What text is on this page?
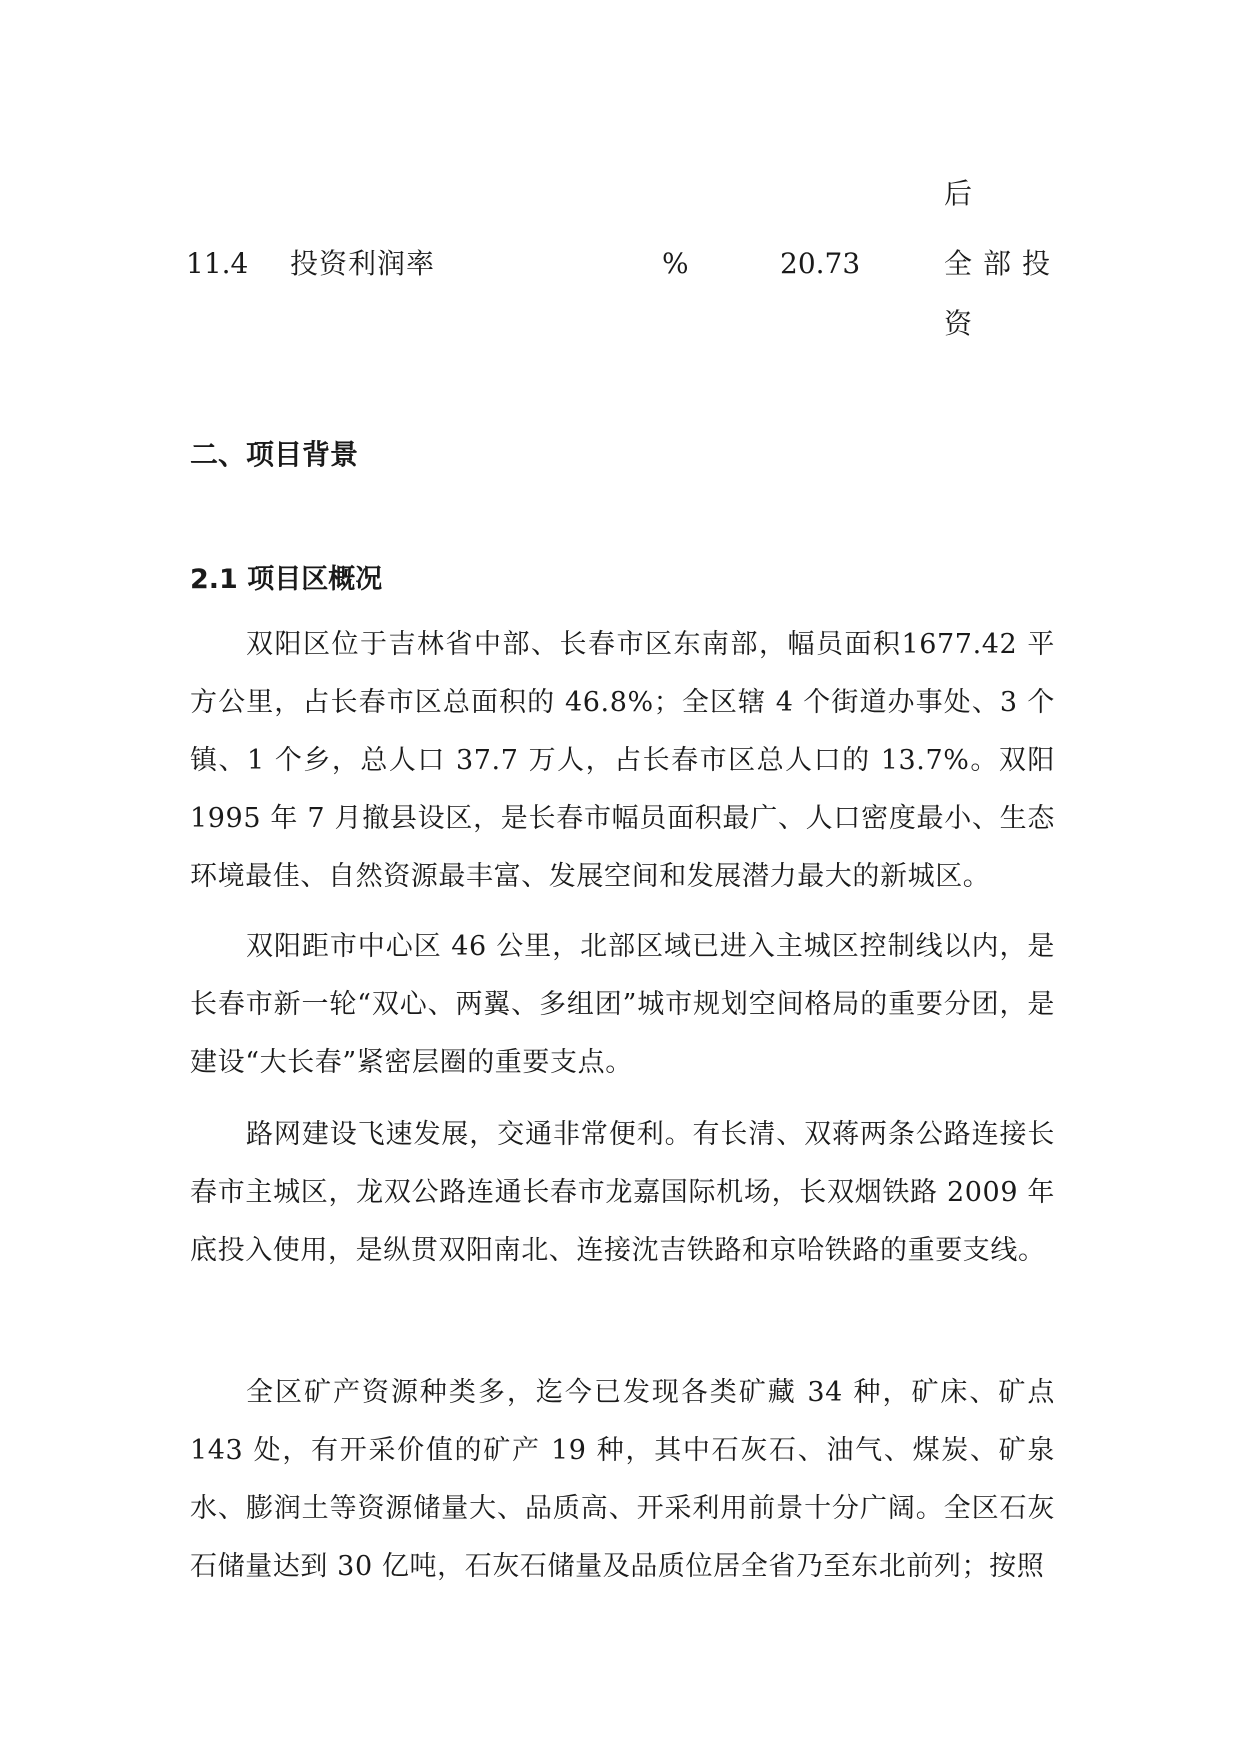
11.4 投资利润率	%	20.73
后
全部投
资
二、项目背景
2.1 项目区概况

双阳区位于吉林省中部、长春市区东南部，幅员面积1677.42 平方公里，占长春市区总面积的 46.8%；全区辖 4 个街道办事处、3 个镇、1 个乡，总人口 37.7 万人，占长春市区总人口的 13.7%。双阳 1995 年 7 月撤县设区，是长春市幅员面积最广、人口密度最小、生态环境最佳、自然资源最丰富、发展空间和发展潜力最大的新城区。

双阳距市中心区 46 公里，北部区域已进入主城区控制线以内，是长春市新一轮“双心、两翼、多组团”城市规划空间格局的重要分团，是建设“大长春”紧密层圈的重要支点。

路网建设飞速发展，交通非常便利。有长清、双蒋两条公路连接长春市主城区，龙双公路连通长春市龙嘉国际机场，长双烟铁路 2009 年底投入使用，是纵贯双阳南北、连接沈吉铁路和京哈铁路的重要支线。

全区矿产资源种类多，迄今已发现各类矿藏 34 种，矿床、矿点 143 处，有开采价值的矿产 19 种，其中石灰石、油气、煤炭、矿泉水、膨润土等资源储量大、品质高、开采利用前景十分广阔。全区石灰石储量达到 30 亿吨，石灰石储量及品质位居全省乃至东北前列；按照
